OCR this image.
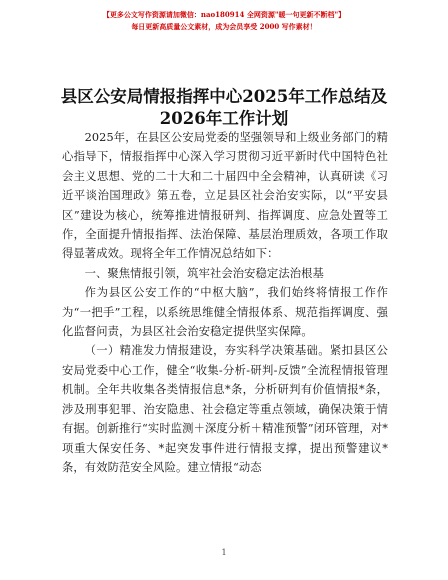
【更多公文写作资源请加微信：nao180914 全网资源"暖一句更新不断档"】
每日更新高质量公文素材，成为会员享受 2000 写作素材！
县区公安局情报指挥中心2025年工作总结及
2026年工作计划

2025年，在县区公安局党委的坚强领导和上级业务部门的精心指导下，情报指挥中心深入学习贯彻习近平新时代中国特色社会主义思想、党的二十大和二十届四中全会精神，认真研读《习近平谈治国理政》第五卷，立足县区社会治安实际，以“平安县区”建设为核心，统筹推进情报研判、指挥调度、应急处置等工作，全面提升情报指挥、法治保障、基层治理质效，各项工作取得显著成效。现将全年工作情况总结如下：

一、聚焦情报引领，筑牢社会治安稳定法治根基

作为县区公安工作的“中枢大脑”，我们始终将情报工作作为“一把手”工程，以系统思维健全情报体系、规范指挥调度、强化监督问责，为县区社会治安稳定提供坚实保障。

（一）精准发力情报建设，夯实科学决策基础。紧扣县区公安局党委中心工作，健全“收集-分析-研判-反馈”全流程情报管理机制。全年共收集各类情报信息*条，分析研判有价值情报*条，涉及刑事犯罪、治安隐患、社会稳定等重点领域，确保决策于情有据。创新推行“实时监测＋深度分析＋精准预警”闭环管理，对*项重大保安任务、*起突发事件进行情报支撑，提出预警建议*条，有效防范安全风险。建立情报“动态

1
